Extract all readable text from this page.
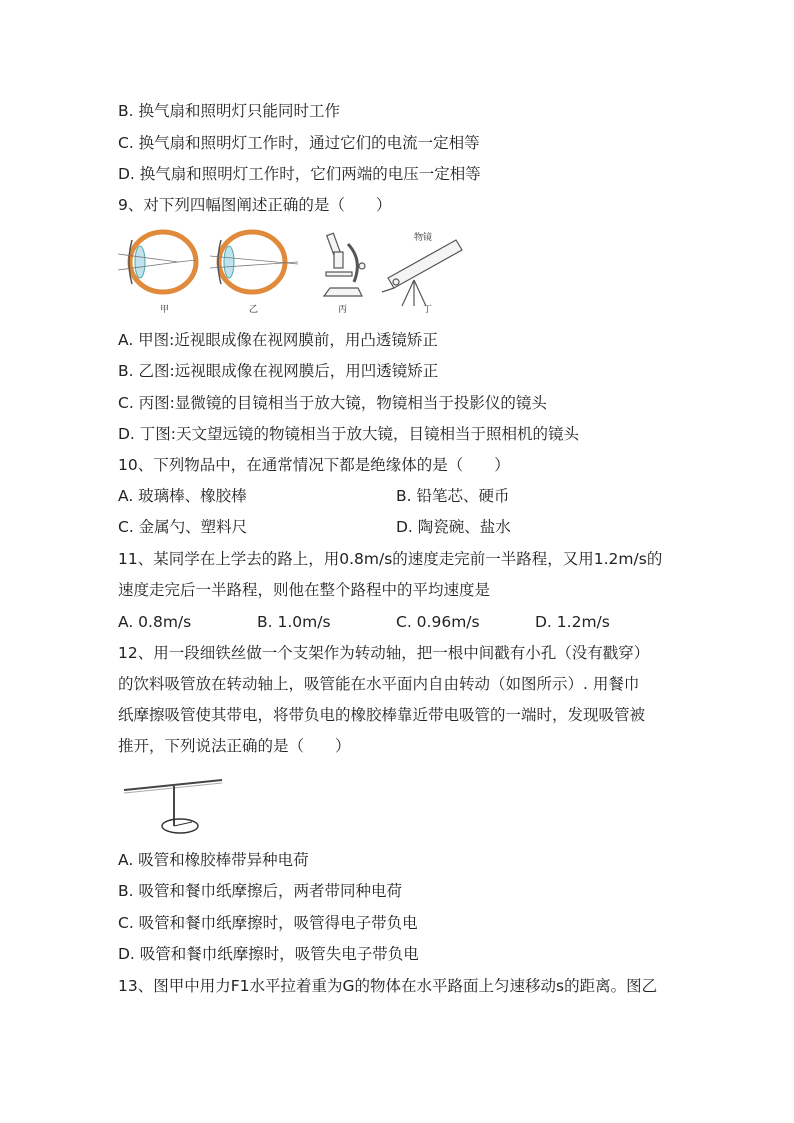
B. 换气扇和照明灯只能同时工作
C. 换气扇和照明灯工作时，通过它们的电流一定相等
D. 换气扇和照明灯工作时，它们两端的电压一定相等
9、对下列四幅图阐述正确的是（　　）
甲	乙	丙
物镜
丁
A. 甲图:近视眼成像在视网膜前，用凸透镜矫正
B. 乙图:远视眼成像在视网膜后，用凹透镜矫正
C. 丙图:显微镜的目镜相当于放大镜，物镜相当于投影仪的镜头
D. 丁图:天文望远镜的物镜相当于放大镜，目镜相当于照相机的镜头
10、下列物品中，在通常情况下都是绝缘体的是（　　）
A. 玻璃棒、橡胶棒	B. 铅笔芯、硬币
C. 金属勺、塑料尺	D. 陶瓷碗、盐水
11、某同学在上学去的路上，用0.8m/s的速度走完前一半路程，又用1.2m/s的
速度走完后一半路程，则他在整个路程中的平均速度是
A. 0.8m/s	B. 1.0m/s	C. 0.96m/s	D. 1.2m/s
12、用一段细铁丝做一个支架作为转动轴，把一根中间戳有小孔（没有戳穿）
的饮料吸管放在转动轴上，吸管能在水平面内自由转动（如图所示）. 用餐巾
纸摩擦吸管使其带电，将带负电的橡胶棒靠近带电吸管的一端时，发现吸管被
推开，下列说法正确的是（　　）
A. 吸管和橡胶棒带异种电荷
B. 吸管和餐巾纸摩擦后，两者带同种电荷
C. 吸管和餐巾纸摩擦时，吸管得电子带负电
D. 吸管和餐巾纸摩擦时，吸管失电子带负电
13、图甲中用力F1水平拉着重为G的物体在水平路面上匀速移动s的距离。图乙
